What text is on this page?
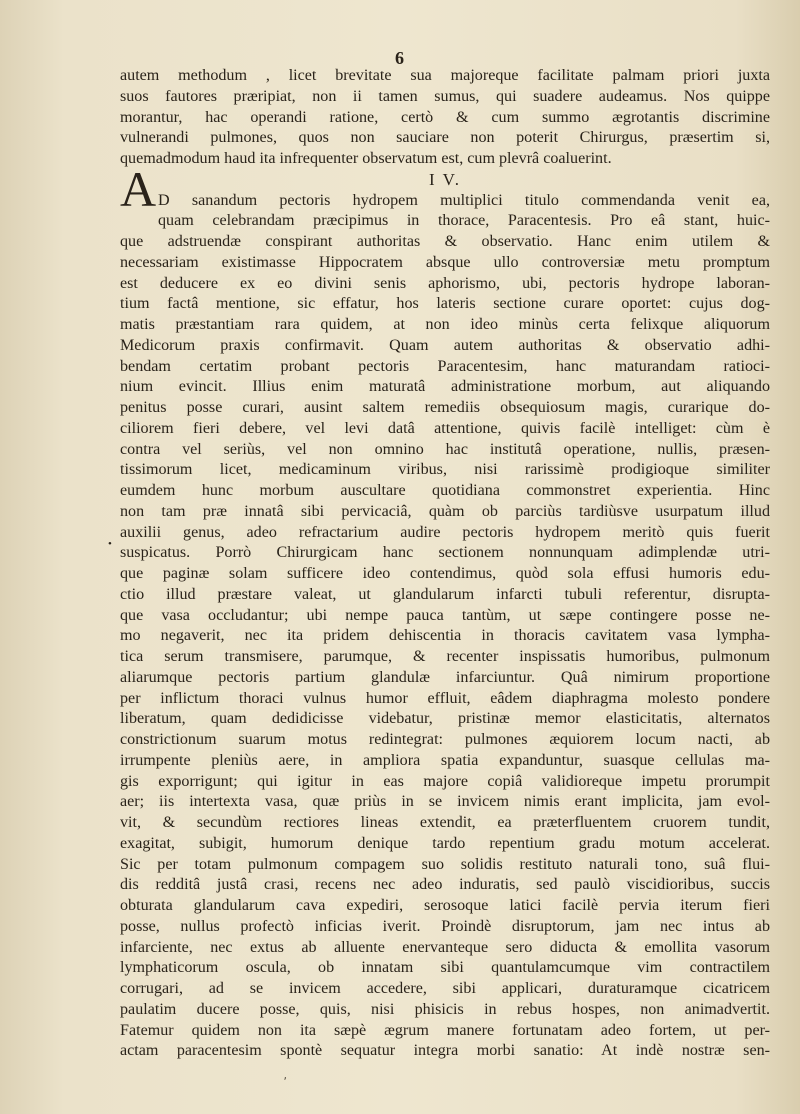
6
A
•
autem methodum , licet brevitate sua majoreque facilitate palmam priori juxta
suos fautores præripiat, non ii tamen sumus, qui suadere audeamus. Nos quippe
morantur, hac operandi ratione, certò & cum summo ægrotantis discrimine
vulnerandi pulmones, quos non sauciare non poterit Chirurgus, præsertim si,
quemadmodum haud ita infrequenter observatum est, cum plevrâ coaluerint.
I V.
D sanandum pectoris hydropem multiplici titulo commendanda venit ea,
quam celebrandam præcipimus in thorace, Paracentesis. Pro eâ stant, huic-
que adstruendæ conspirant authoritas & observatio. Hanc enim utilem &
necessariam existimasse Hippocratem absque ullo controversiæ metu promptum
est deducere ex eo divini senis aphorismo, ubi, pectoris hydrope laboran-
tium factâ mentione, sic effatur, hos lateris sectione curare oportet: cujus dog-
matis præstantiam rara quidem, at non ideo minùs certa felixque aliquorum
Medicorum praxis confirmavit. Quam autem authoritas & observatio adhi-
bendam certatim probant pectoris Paracentesim, hanc maturandam ratioci-
nium evincit. Illius enim maturatâ administratione morbum, aut aliquando
penitus posse curari, ausint saltem remediis obsequiosum magis, curarique do-
ciliorem fieri debere, vel levi datâ attentione, quivis facilè intelliget: cùm è
contra vel seriùs, vel non omnino hac institutâ operatione, nullis, præsen-
tissimorum licet, medicaminum viribus, nisi rarissimè prodigioque similiter
eumdem hunc morbum auscultare quotidiana commonstret experientia. Hinc
non tam præ innatâ sibi pervicaciâ, quàm ob parciùs tardiùsve usurpatum illud
auxilii genus, adeo refractarium audire pectoris hydropem meritò quis fuerit
suspicatus. Porrò Chirurgicam hanc sectionem nonnunquam adimplendæ utri-
que paginæ solam sufficere ideo contendimus, quòd sola effusi humoris edu-
ctio illud præstare valeat, ut glandularum infarcti tubuli referentur, disrupta-
que vasa occludantur; ubi nempe pauca tantùm, ut sæpe contingere posse ne-
mo negaverit, nec ita pridem dehiscentia in thoracis cavitatem vasa lympha-
tica serum transmisere, parumque, & recenter inspissatis humoribus, pulmonum
aliarumque pectoris partium glandulæ infarciuntur. Quâ nimirum proportione
per inflictum thoraci vulnus humor effluit, eâdem diaphragma molesto pondere
liberatum, quam dedidicisse videbatur, pristinæ memor elasticitatis, alternatos
constrictionum suarum motus redintegrat: pulmones æquiorem locum nacti, ab
irrumpente pleniùs aere, in ampliora spatia expanduntur, suasque cellulas ma-
gis exporrigunt; qui igitur in eas majore copiâ validioreque impetu prorumpit
aer; iis intertexta vasa, quæ priùs in se invicem nimis erant implicita, jam evol-
vit, & secundùm rectiores lineas extendit, ea præterfluentem cruorem tundit,
exagitat, subigit, humorum denique tardo repentium gradu motum accelerat.
Sic per totam pulmonum compagem suo solidis restituto naturali tono, suâ flui-
dis redditâ justâ crasi, recens nec adeo induratis, sed paulò viscidioribus, succis
obturata glandularum cava expediri, serosoque latici facilè pervia iterum fieri
posse, nullus profectò inficias iverit. Proindè disruptorum, jam nec intus ab
infarciente, nec extus ab alluente enervanteque sero diducta & emollita vasorum
lymphaticorum oscula, ob innatam sibi quantulamcumque vim contractilem
corrugari, ad se invicem accedere, sibi applicari, duraturamque cicatricem
paulatim ducere posse, quis, nisi phisicis in rebus hospes, non animadvertit.
Fatemur quidem non ita sæpè ægrum manere fortunatam adeo fortem, ut per-
actam paracentesim spontè sequatur integra morbi sanatio: At indè nostræ sen-
ʹ
